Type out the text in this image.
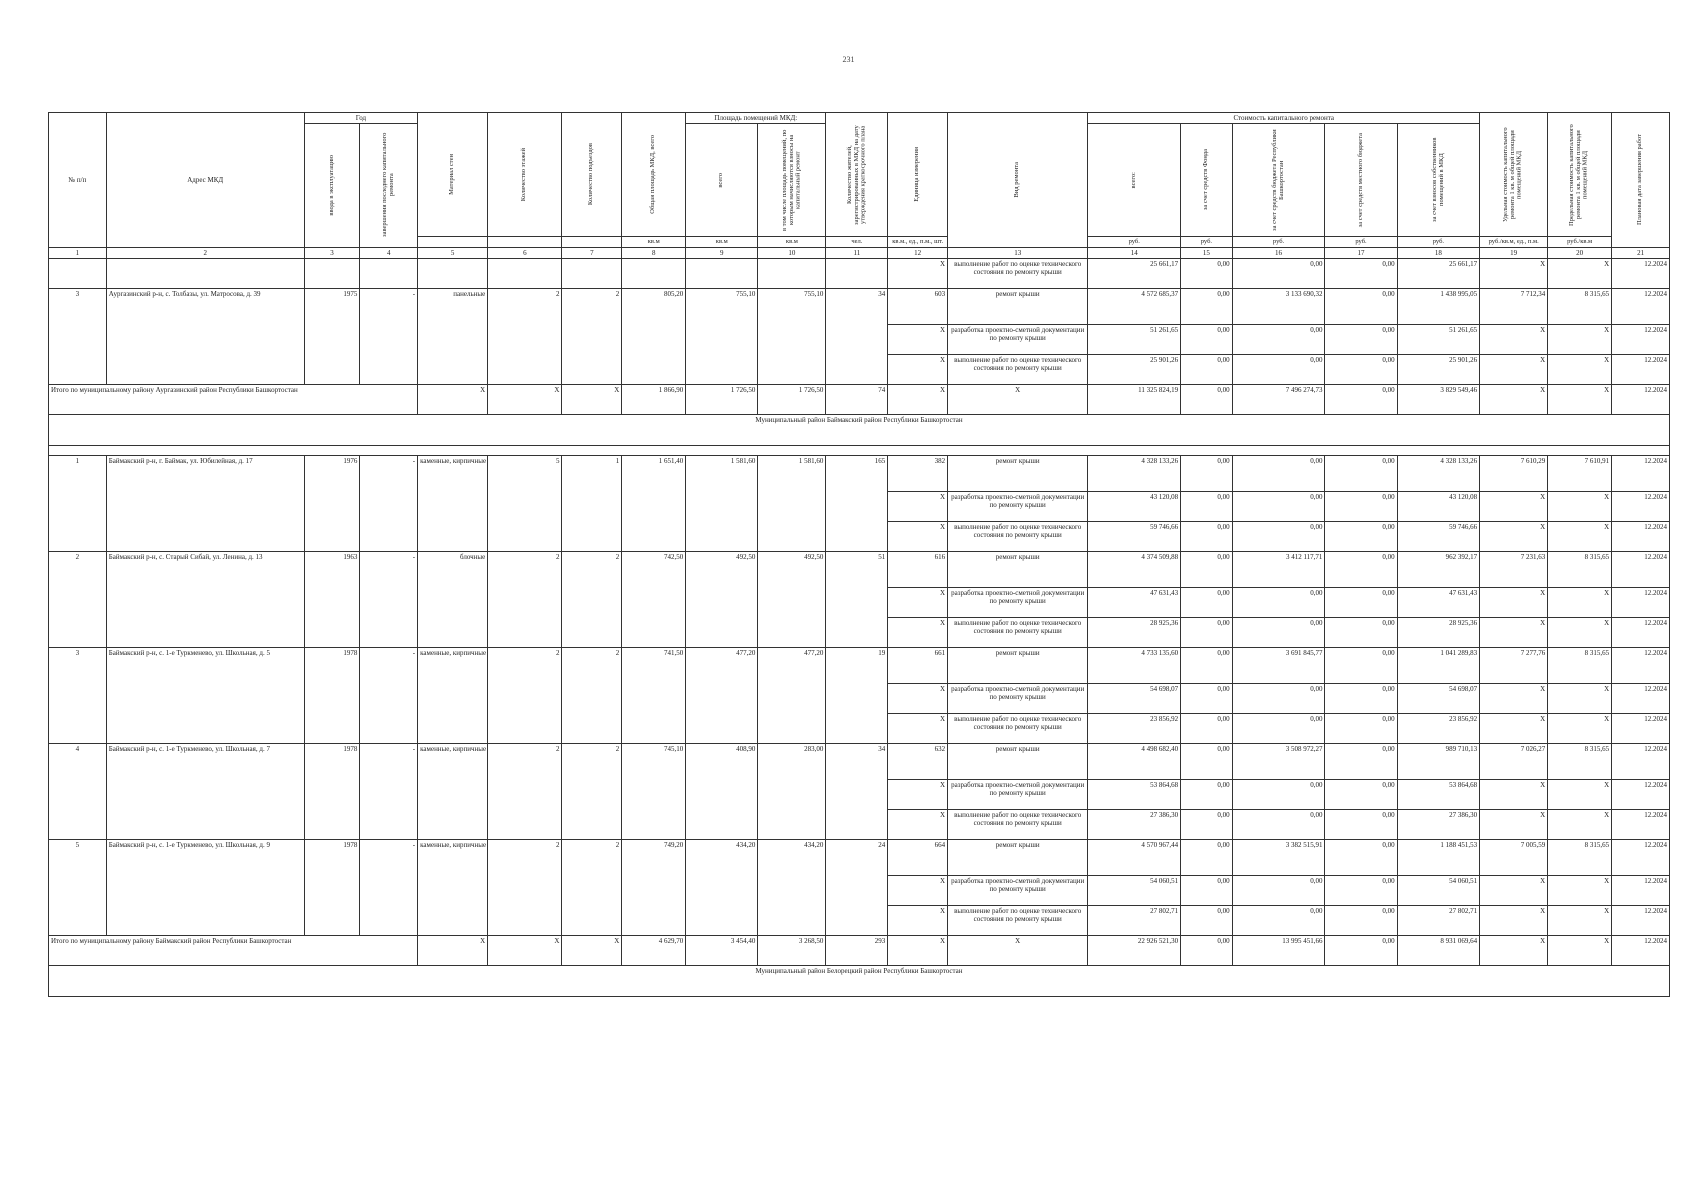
231
№ п/п	Адрес МКД	Год		Материал стен	Количество этажей	Количество подъездов	Общая площадь МКД, всего	Площадь помещений МКД:		Количество жителей, зарегистрированных в МКД на дату утверждения краткосрочного плана	Единица измерения	Вид ремонта	Стоимость капитального ремонта					Удельная стоимость капитального ремонта 1 кв. м общей площади помещений МКД	Предельная стоимость капитального ремонта 1 кв. м общей площади помещений МКД	Плановая дата завершения работ

		ввода в эксплуатацию	завершения последнего капитального ремонта					всего	в том числе площадь помещений, по которым начисляются взносы на капитальный ремонт				всего:	за счет средств Фонда	за счет средств бюджета Республики Башкортостан	за счет средств местного бюджета	за счет взносов собственников помещений в МКД			

							кв.м	кв.м	кв.м	чел.	кв.м., ед., п.м., шт.		руб.	руб.	руб.	руб.	руб.	руб./кв.м, ед., п.м.	руб./кв.м	
1	2	3	4	5	6	7	8	9	10	11	12	13	14	15	16	17	18	19	20	21
											X	выполнение работ по оценке технического состояния по ремонту крыши	25 661,17	0,00	0,00	0,00	25 661,17	X	X	12.2024
3	Аургазинский р-н, с. Толбазы, ул. Матросова, д. 39	1975	-	панельные	2	2	805,20	755,10	755,10	34	603	ремонт крыши	4 572 685,37	0,00	3 133 690,32	0,00	1 438 995,05	7 712,34	8 315,65	12.2024
											X	разработка проектно-сметной документации по ремонту крыши	51 261,65	0,00	0,00	0,00	51 261,65	X	X	12.2024
											X	выполнение работ по оценке технического состояния по ремонту крыши	25 901,26	0,00	0,00	0,00	25 901,26	X	X	12.2024
Итого по муниципальному району Аургазинский район Республики Башкортостан				X	X	X	1 866,90	1 726,50	1 726,50	74	X	X	11 325 824,19	0,00	7 496 274,73	0,00	3 829 549,46	X	X	12.2024
Муниципальный район Баймакский район Республики Башкортостан																				

1	Баймакский р-н, г. Баймак, ул. Юбилейная, д. 17	1976	-	каменные, кирпичные	5	1	1 651,40	1 581,60	1 581,60	165	382	ремонт крыши	4 328 133,26	0,00	0,00	0,00	4 328 133,26	7 610,29	7 610,91	12.2024
											X	разработка проектно-сметной документации по ремонту крыши	43 120,08	0,00	0,00	0,00	43 120,08	X	X	12.2024
											X	выполнение работ по оценке технического состояния по ремонту крыши	59 746,66	0,00	0,00	0,00	59 746,66	X	X	12.2024
2	Баймакский р-н, с. Старый Сибай, ул. Ленина, д. 13	1963	-	блочные	2	2	742,50	492,50	492,50	51	616	ремонт крыши	4 374 509,88	0,00	3 412 117,71	0,00	962 392,17	7 231,63	8 315,65	12.2024
											X	разработка проектно-сметной документации по ремонту крыши	47 631,43	0,00	0,00	0,00	47 631,43	X	X	12.2024
											X	выполнение работ по оценке технического состояния по ремонту крыши	28 925,36	0,00	0,00	0,00	28 925,36	X	X	12.2024
3	Баймакский р-н, с. 1-е Туркменево, ул. Школьная, д. 5	1978	-	каменные, кирпичные	2	2	741,50	477,20	477,20	19	661	ремонт крыши	4 733 135,60	0,00	3 691 845,77	0,00	1 041 289,83	7 277,76	8 315,65	12.2024
											X	разработка проектно-сметной документации по ремонту крыши	54 698,07	0,00	0,00	0,00	54 698,07	X	X	12.2024
											X	выполнение работ по оценке технического состояния по ремонту крыши	23 856,92	0,00	0,00	0,00	23 856,92	X	X	12.2024
4	Баймакский р-н, с. 1-е Туркменево, ул. Школьная, д. 7	1978	-	каменные, кирпичные	2	2	745,10	408,90	283,00	34	632	ремонт крыши	4 498 682,40	0,00	3 508 972,27	0,00	989 710,13	7 026,27	8 315,65	12.2024
											X	разработка проектно-сметной документации по ремонту крыши	53 864,68	0,00	0,00	0,00	53 864,68	X	X	12.2024
											X	выполнение работ по оценке технического состояния по ремонту крыши	27 386,30	0,00	0,00	0,00	27 386,30	X	X	12.2024
5	Баймакский р-н, с. 1-е Туркменево, ул. Школьная, д. 9	1978	-	каменные, кирпичные	2	2	749,20	434,20	434,20	24	664	ремонт крыши	4 570 967,44	0,00	3 382 515,91	0,00	1 188 451,53	7 005,59	8 315,65	12.2024
											X	разработка проектно-сметной документации по ремонту крыши	54 060,51	0,00	0,00	0,00	54 060,51	X	X	12.2024
											X	выполнение работ по оценке технического состояния по ремонту крыши	27 802,71	0,00	0,00	0,00	27 802,71	X	X	12.2024
Итого по муниципальному району Баймакский район Республики Башкортостан				X	X	X	4 629,70	3 454,40	3 268,50	293	X	X	22 926 521,30	0,00	13 995 451,66	0,00	8 931 069,64	X	X	12.2024
Муниципальный район Белорецкий район Республики Башкортостан																				
